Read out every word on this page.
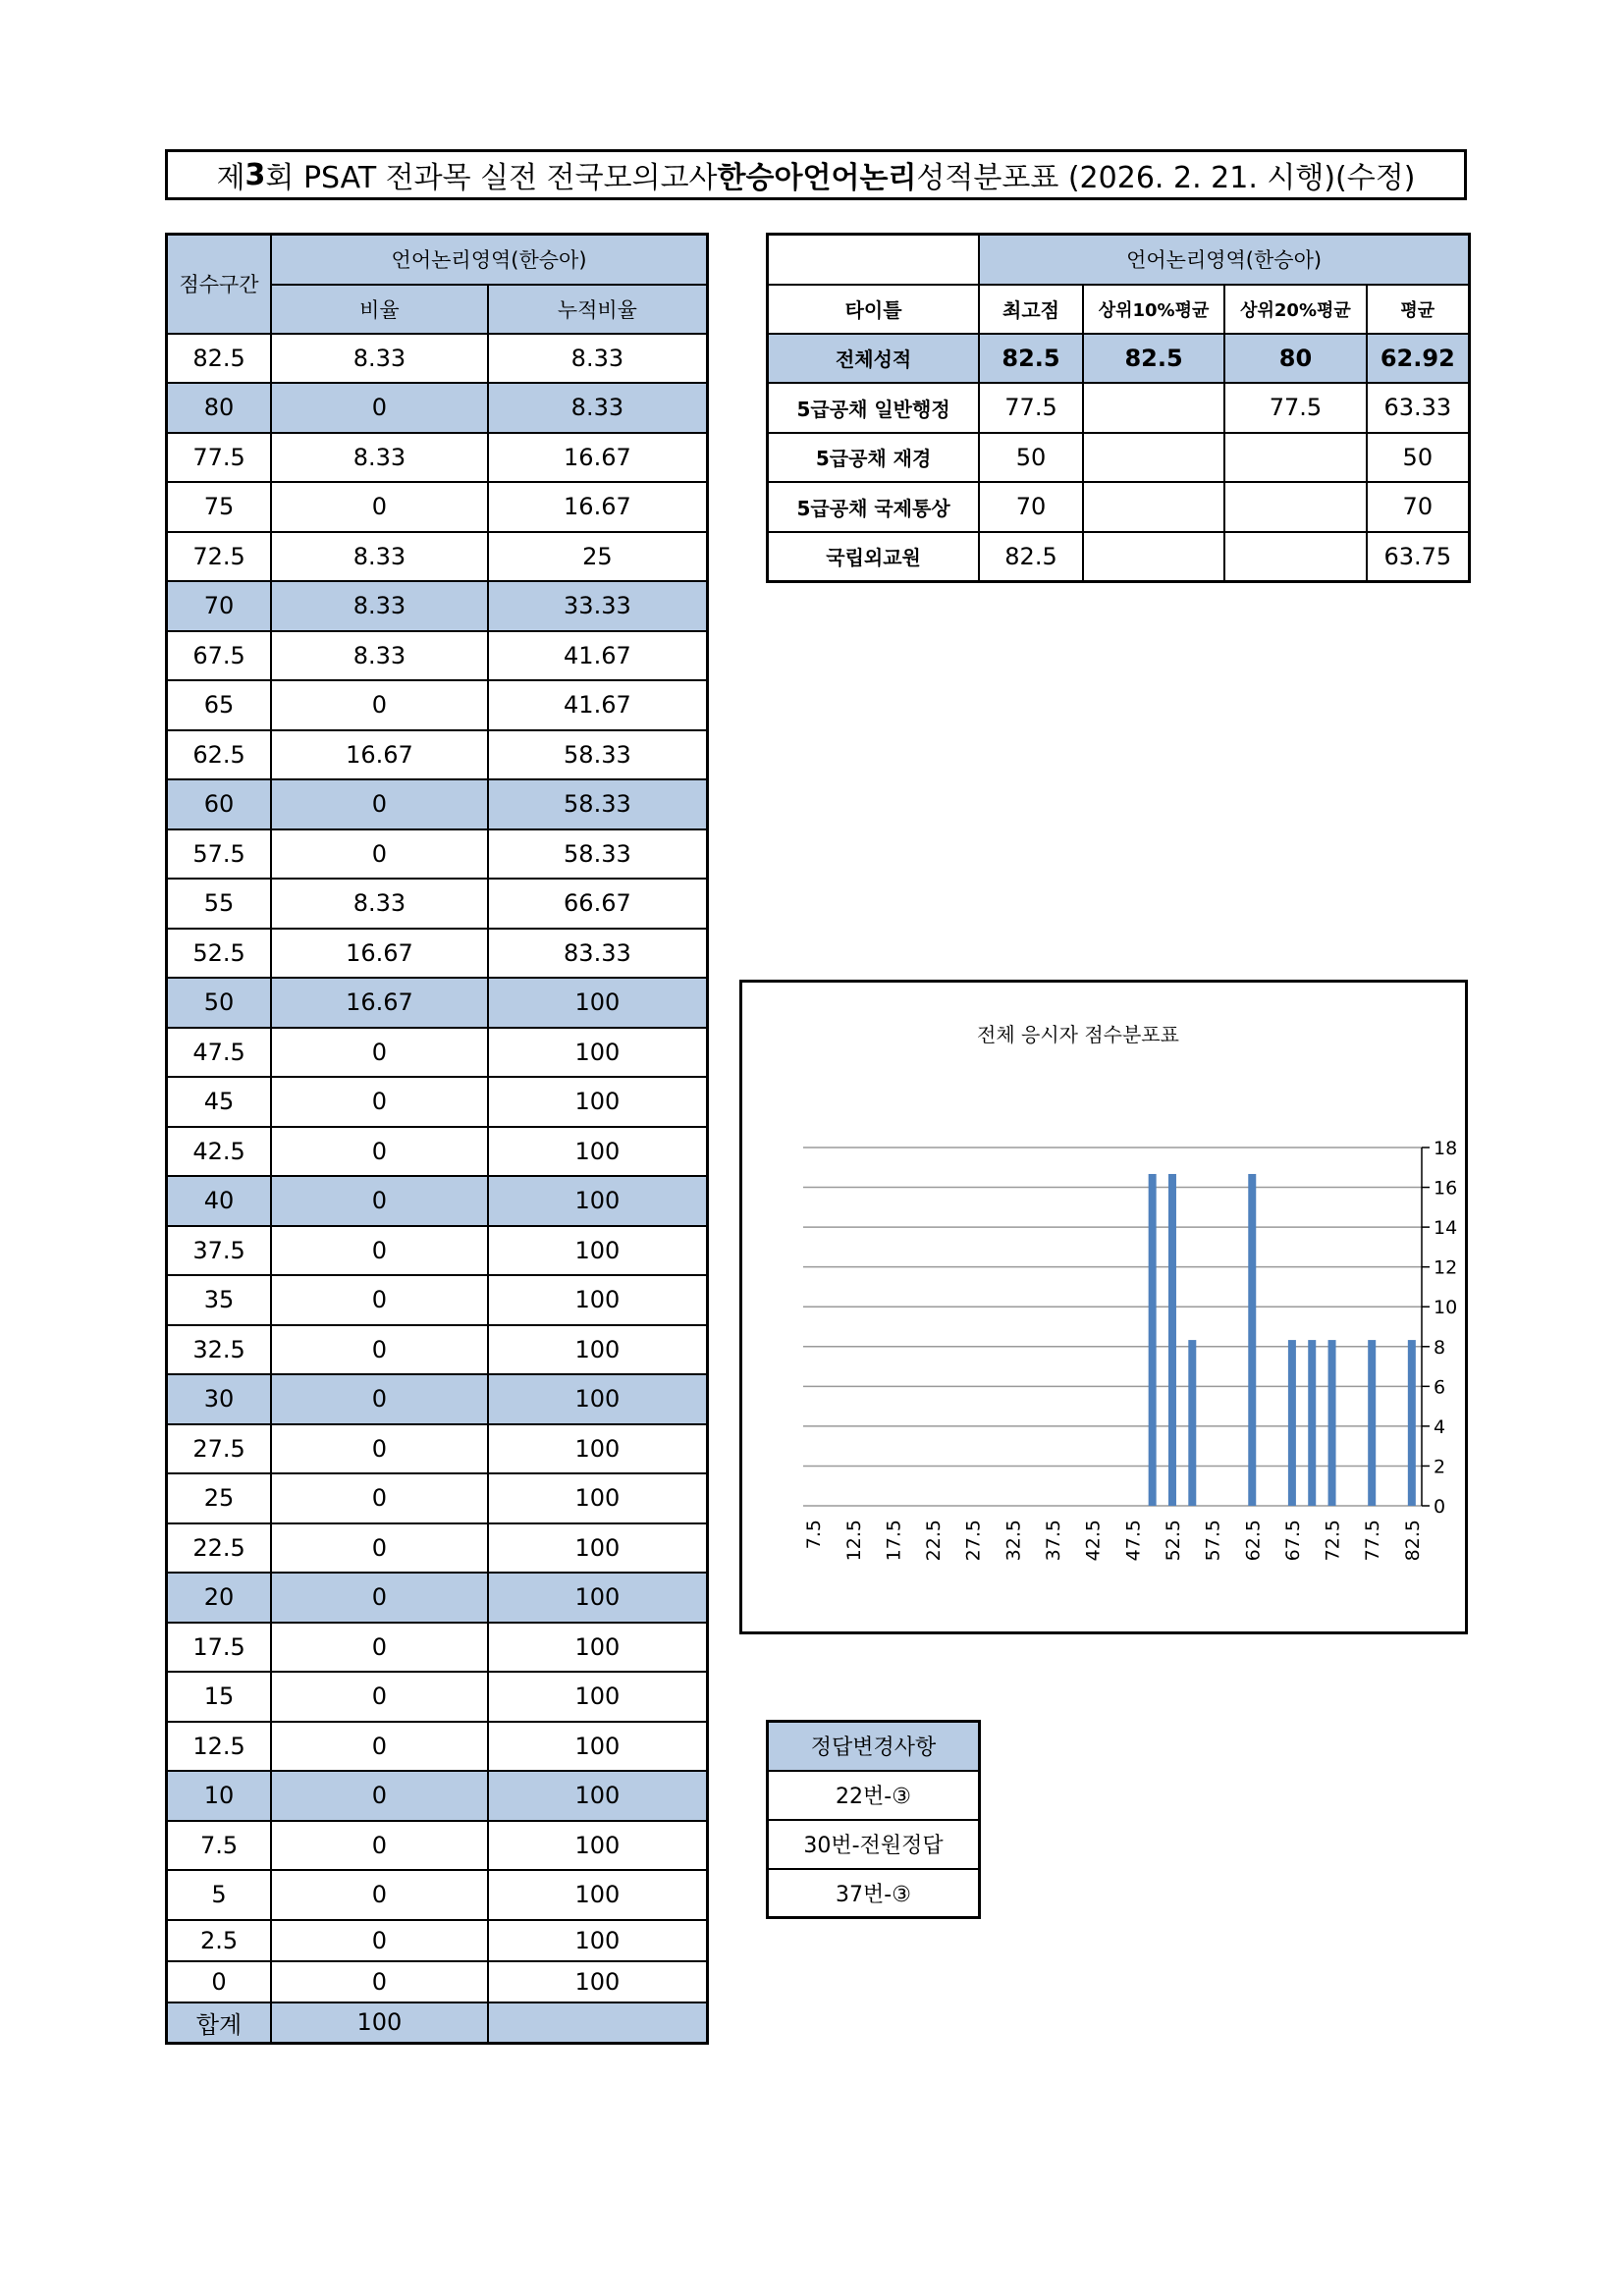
제 3 회 PSAT 전과목 실전 전국모의고사 한승아 언어논리 성적분포표 (2026. 2. 21. 시행)(수정)
점수구간	언어논리영역(한승아)	
	비율	누적비율
82.5	8.33	8.33
80	0	8.33
77.5	8.33	16.67
75	0	16.67
72.5	8.33	25
70	8.33	33.33
67.5	8.33	41.67
65	0	41.67
62.5	16.67	58.33
60	0	58.33
57.5	0	58.33
55	8.33	66.67
52.5	16.67	83.33
50	16.67	100
47.5	0	100
45	0	100
42.5	0	100
40	0	100
37.5	0	100
35	0	100
32.5	0	100
30	0	100
27.5	0	100
25	0	100
22.5	0	100
20	0	100
17.5	0	100
15	0	100
12.5	0	100
10	0	100
7.5	0	100
5	0	100
2.5	0	100
0	0	100
합계	100	
	언어논리영역(한승아)			
타이틀	최고점	상위10%평균	상위20%평균	평균
전체성적	82.5	82.5	80	62.92
5급공채 일반행정	77.5		77.5	63.33
5급공채 재경	50			50
5급공채 국제통상	70			70
국립외교원	82.5			63.75
전체 응시자 점수분포표
0
2
4
6
8
10
12
14
16
18
7.5 12.5 17.5 22.5 27.5 32.5 37.5 42.5 47.5 52.5 57.5 62.5 67.5 72.5 77.5 82.5
정답변경사항
22번-③
30번-전원정답
37번-③
